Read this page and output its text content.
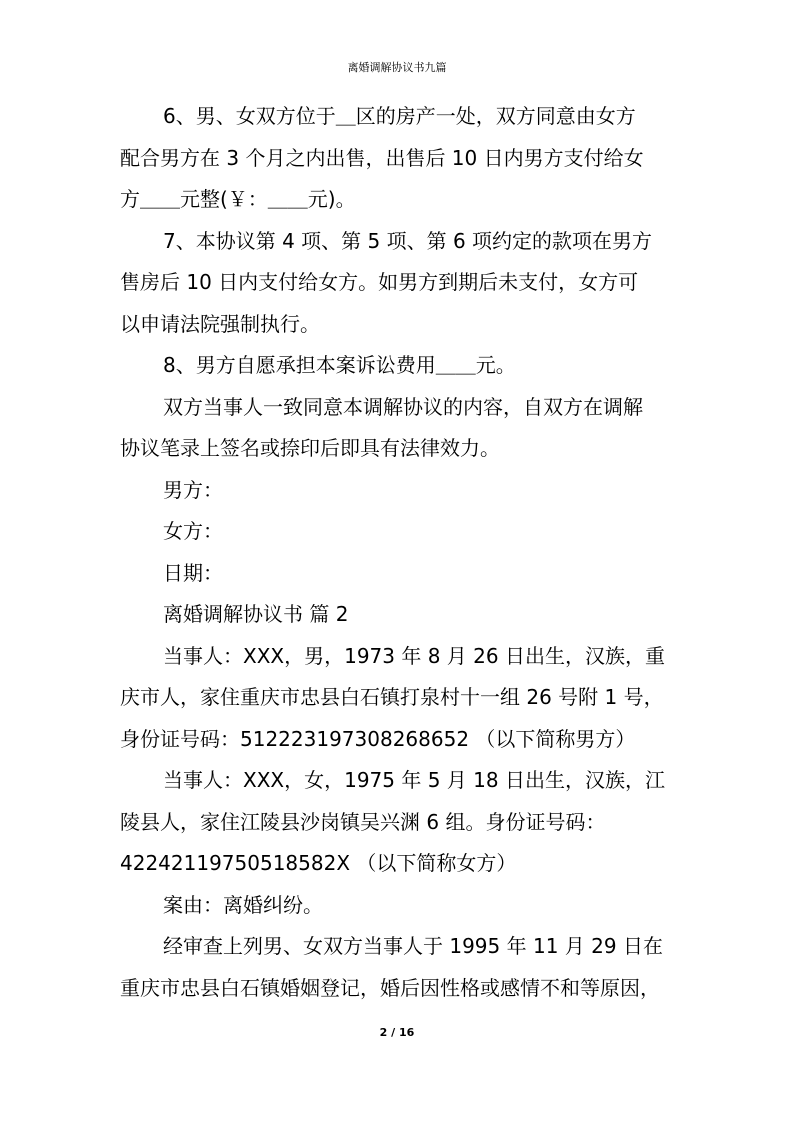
离婚调解协议书九篇
6、男、女双方位于＿区的房产一处，双方同意由女方
配合男方在 3 个月之内出售，出售后 10 日内男方支付给女
方＿＿元整(￥：＿＿元)。
7、本协议第 4 项、第 5 项、第 6 项约定的款项在男方
售房后 10 日内支付给女方。如男方到期后未支付，女方可
以申请法院强制执行。
8、男方自愿承担本案诉讼费用＿＿元。
双方当事人一致同意本调解协议的内容，自双方在调解
协议笔录上签名或捺印后即具有法律效力。
男方：
女方：
日期：
离婚调解协议书 篇 2
当事人：XXX，男，1973 年 8 月 26 日出生，汉族，重
庆市人，家住重庆市忠县白石镇打泉村十一组 26 号附 1 号，
身份证号码：512223197308268652 （以下简称男方）
当事人：XXX，女，1975 年 5 月 18 日出生，汉族，江
陵县人，家住江陵县沙岗镇吴兴渊 6 组。身份证号码：
42242119750518582X （以下简称女方）
案由：离婚纠纷。
经审查上列男、女双方当事人于 1995 年 11 月 29 日在
重庆市忠县白石镇婚姻登记，婚后因性格或感情不和等原因，
2 / 16
